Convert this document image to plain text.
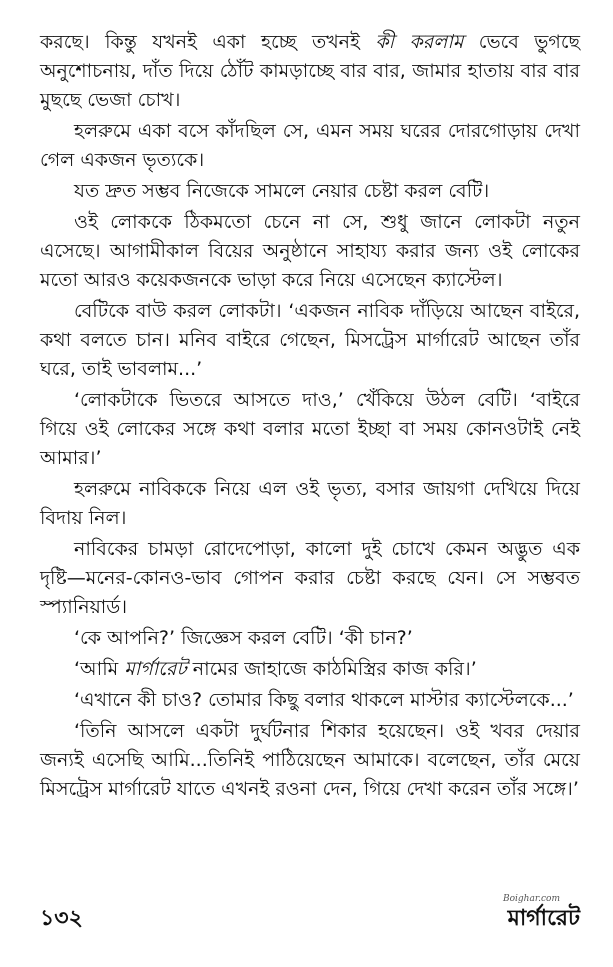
করছে। কিন্তু যখনই একা হচ্ছে তখনই কী করলাম ভেবে ভুগছে অনুশোচনায়, দাঁত দিয়ে ঠোঁট কামড়াচ্ছে বার বার, জামার হাতায় বার বার মুছছে ভেজা চোখ।

হলরুমে একা বসে কাঁদছিল সে, এমন সময় ঘরের দোরগোড়ায় দেখা গেল একজন ভৃত্যকে।

যত দ্রুত সম্ভব নিজেকে সামলে নেয়ার চেষ্টা করল বেটি।

ওই লোককে ঠিকমতো চেনে না সে, শুধু জানে লোকটা নতুন এসেছে। আগামীকাল বিয়ের অনুষ্ঠানে সাহায্য করার জন্য ওই লোকের মতো আরও কয়েকজনকে ভাড়া করে নিয়ে এসেছেন ক্যাস্টেল।

বেটিকে বাউ করল লোকটা। ‘একজন নাবিক দাঁড়িয়ে আছেন বাইরে, কথা বলতে চান। মনিব বাইরে গেছেন, মিসট্রেস মার্গারেট আছেন তাঁর ঘরে, তাই ভাবলাম...’

‘লোকটাকে ভিতরে আসতে দাও,’ খেঁকিয়ে উঠল বেটি। ‘বাইরে গিয়ে ওই লোকের সঙ্গে কথা বলার মতো ইচ্ছা বা সময় কোনওটাই নেই আমার।’

হলরুমে নাবিককে নিয়ে এল ওই ভৃত্য, বসার জায়গা দেখিয়ে দিয়ে বিদায় নিল।

নাবিকের চামড়া রোদেপোড়া, কালো দুই চোখে কেমন অদ্ভুত এক দৃষ্টি—মনের-কোনও-ভাব গোপন করার চেষ্টা করছে যেন। সে সম্ভবত স্প্যানিয়ার্ড।

‘কে আপনি?’ জিজ্ঞেস করল বেটি। ‘কী চান?’

‘আমি মার্গারেট নামের জাহাজে কাঠমিস্ত্রির কাজ করি।’

‘এখানে কী চাও? তোমার কিছু বলার থাকলে মাস্টার ক্যাস্টেলকে...’

‘তিনি আসলে একটা দুর্ঘটনার শিকার হয়েছেন। ওই খবর দেয়ার জন্যই এসেছি আমি...তিনিই পাঠিয়েছেন আমাকে। বলেছেন, তাঁর মেয়ে মিসট্রেস মার্গারেট যাতে এখনই রওনা দেন, গিয়ে দেখা করেন তাঁর সঙ্গে।’

১৩২
Boighar.com
মার্গারেট
